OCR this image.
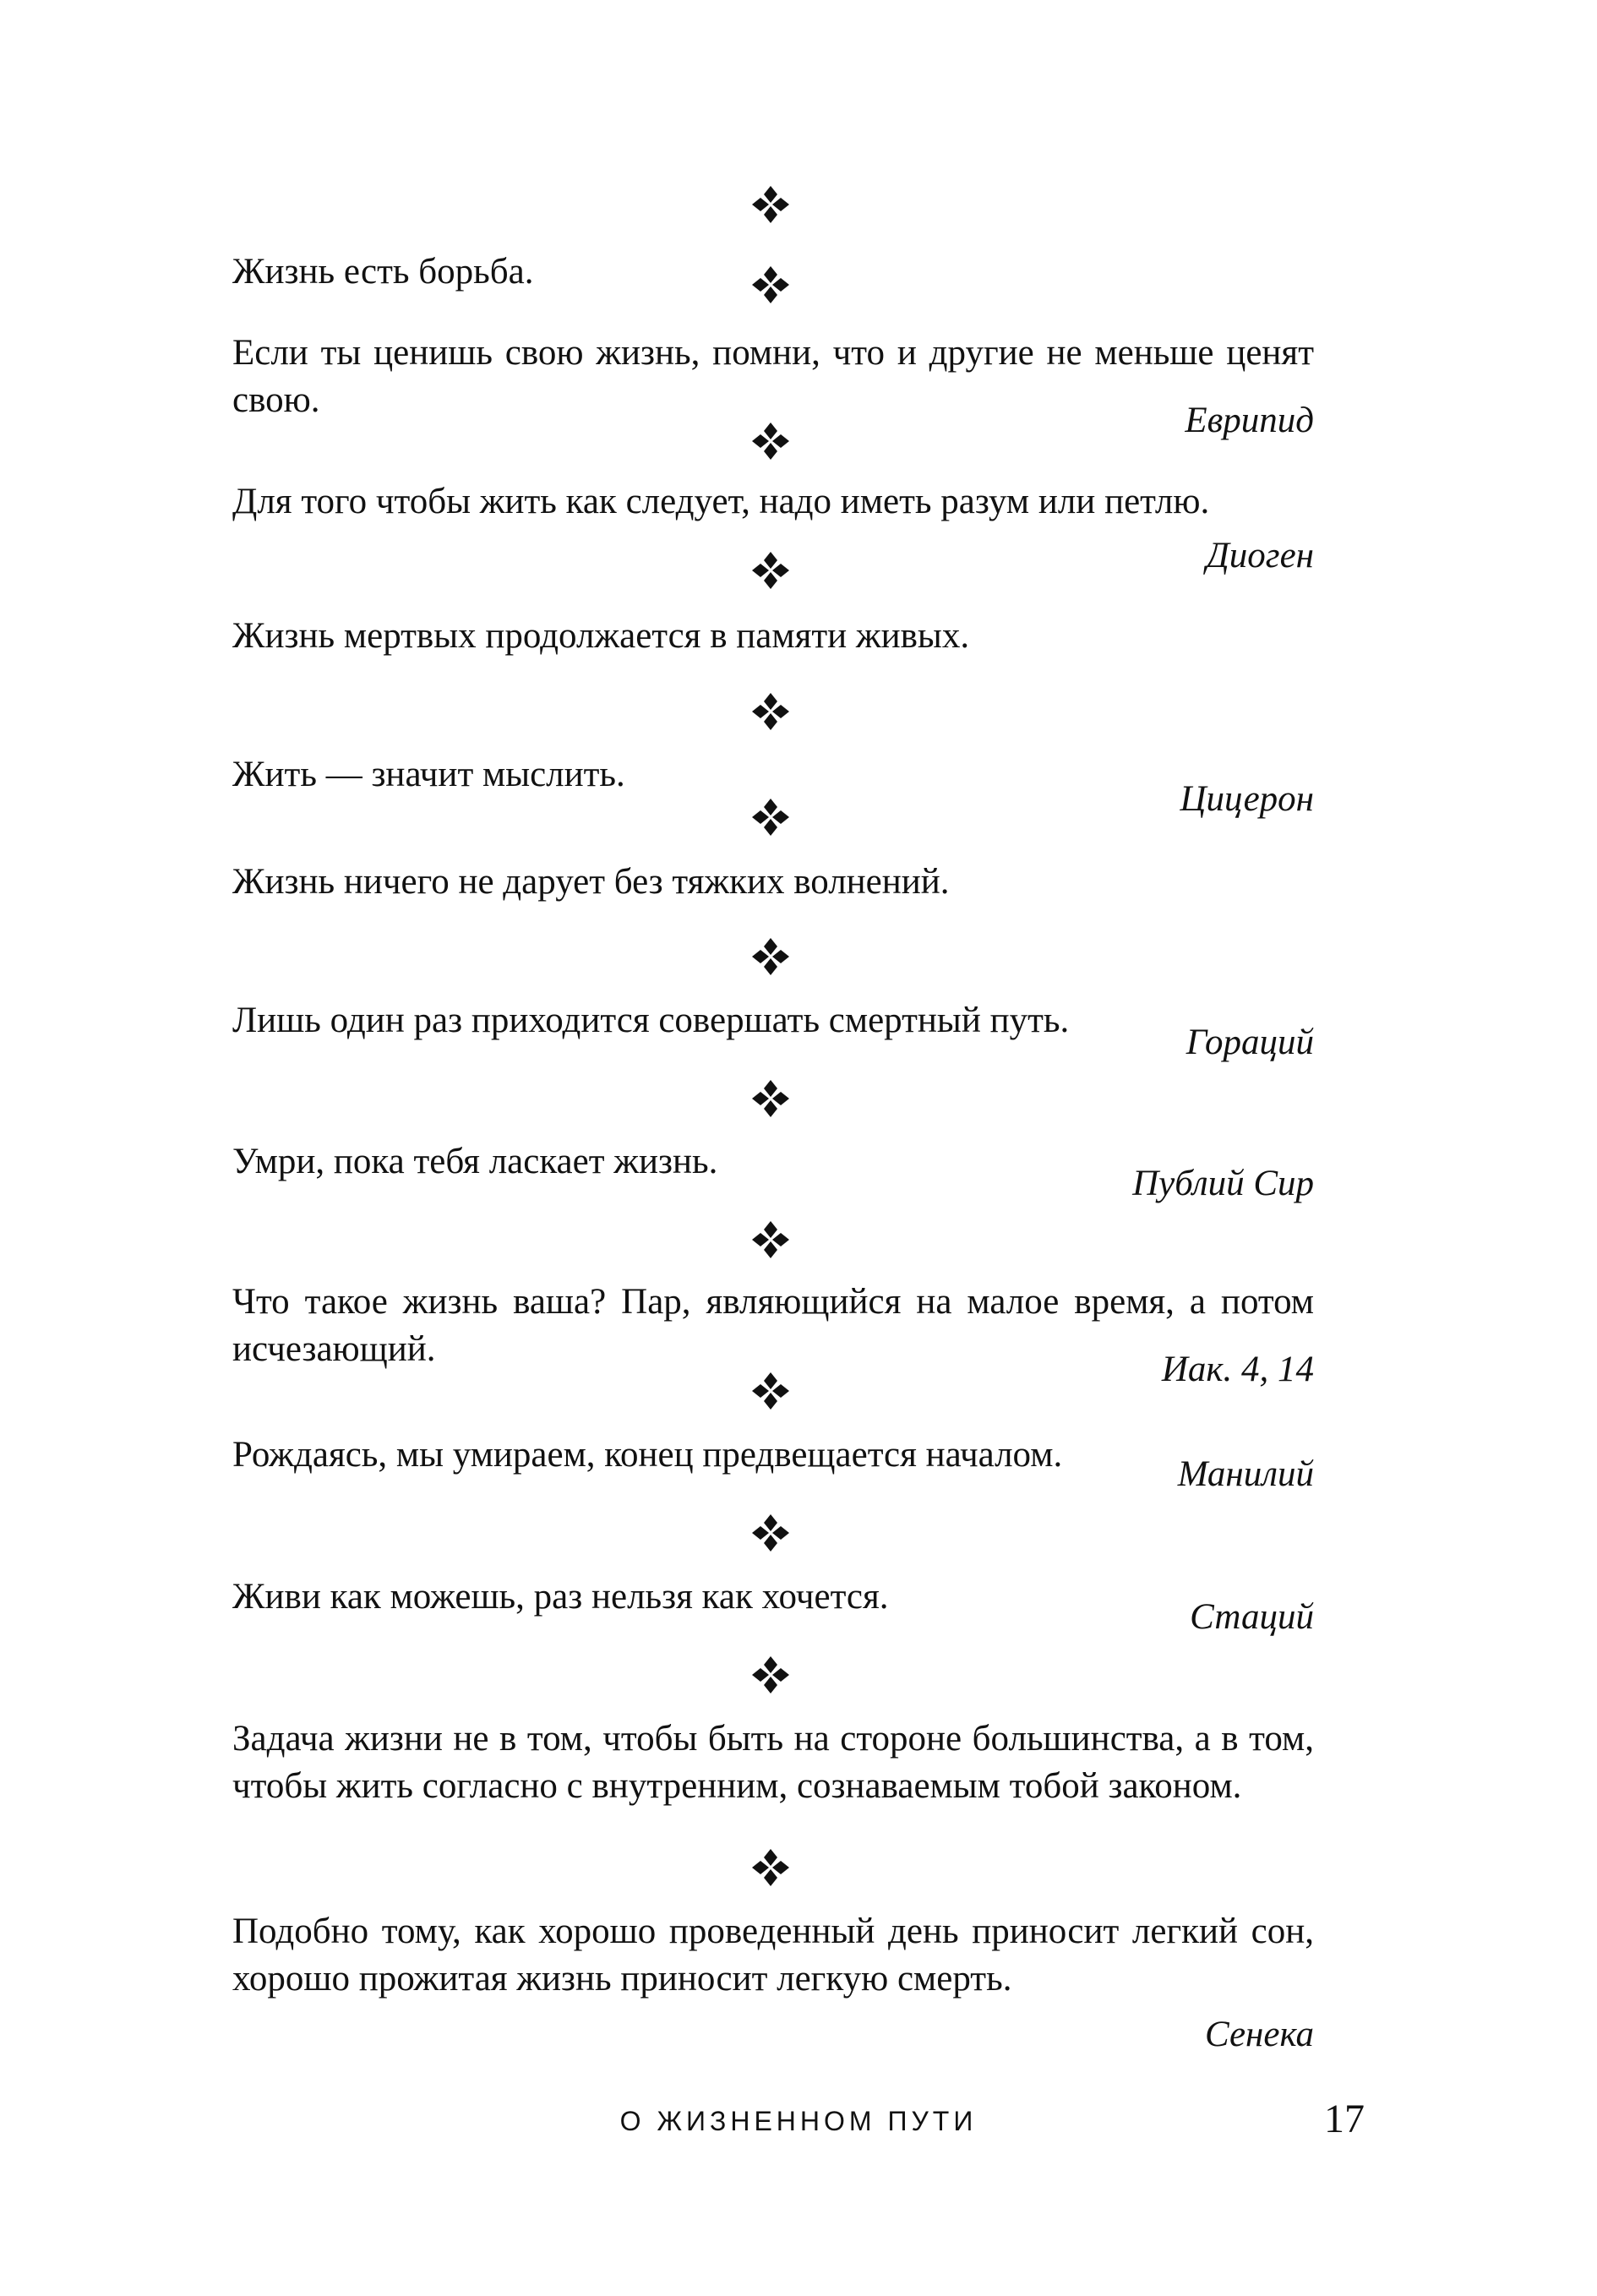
Жизнь есть борьба.

Если ты ценишь свою жизнь, помни, что и другие не меньше ценят свою.

Еврипид

Для того чтобы жить как следует, надо иметь разум или петлю.

Диоген

Жизнь мертвых продолжается в памяти живых.

Жить — значит мыслить.

Цицерон

Жизнь ничего не дарует без тяжких волнений.

Лишь один раз приходится совершать смертный путь.

Гораций

Умри, пока тебя ласкает жизнь.

Публий Сир

Что такое жизнь ваша? Пар, являющийся на малое время, а потом исчезающий.

Иак. 4, 14

Рождаясь, мы умираем, конец предвещается началом.	Манилий

Живи как можешь, раз нельзя как хочется.

Стаций

Задача жизни не в том, чтобы быть на стороне большинства, а в том, чтобы жить согласно с внутренним, сознаваемым тобой законом.

Подобно тому, как хорошо проведенный день приносит легкий сон, хорошо прожитая жизнь приносит легкую смерть.

Сенека
О ЖИЗНЕННОМ ПУТИ	17
